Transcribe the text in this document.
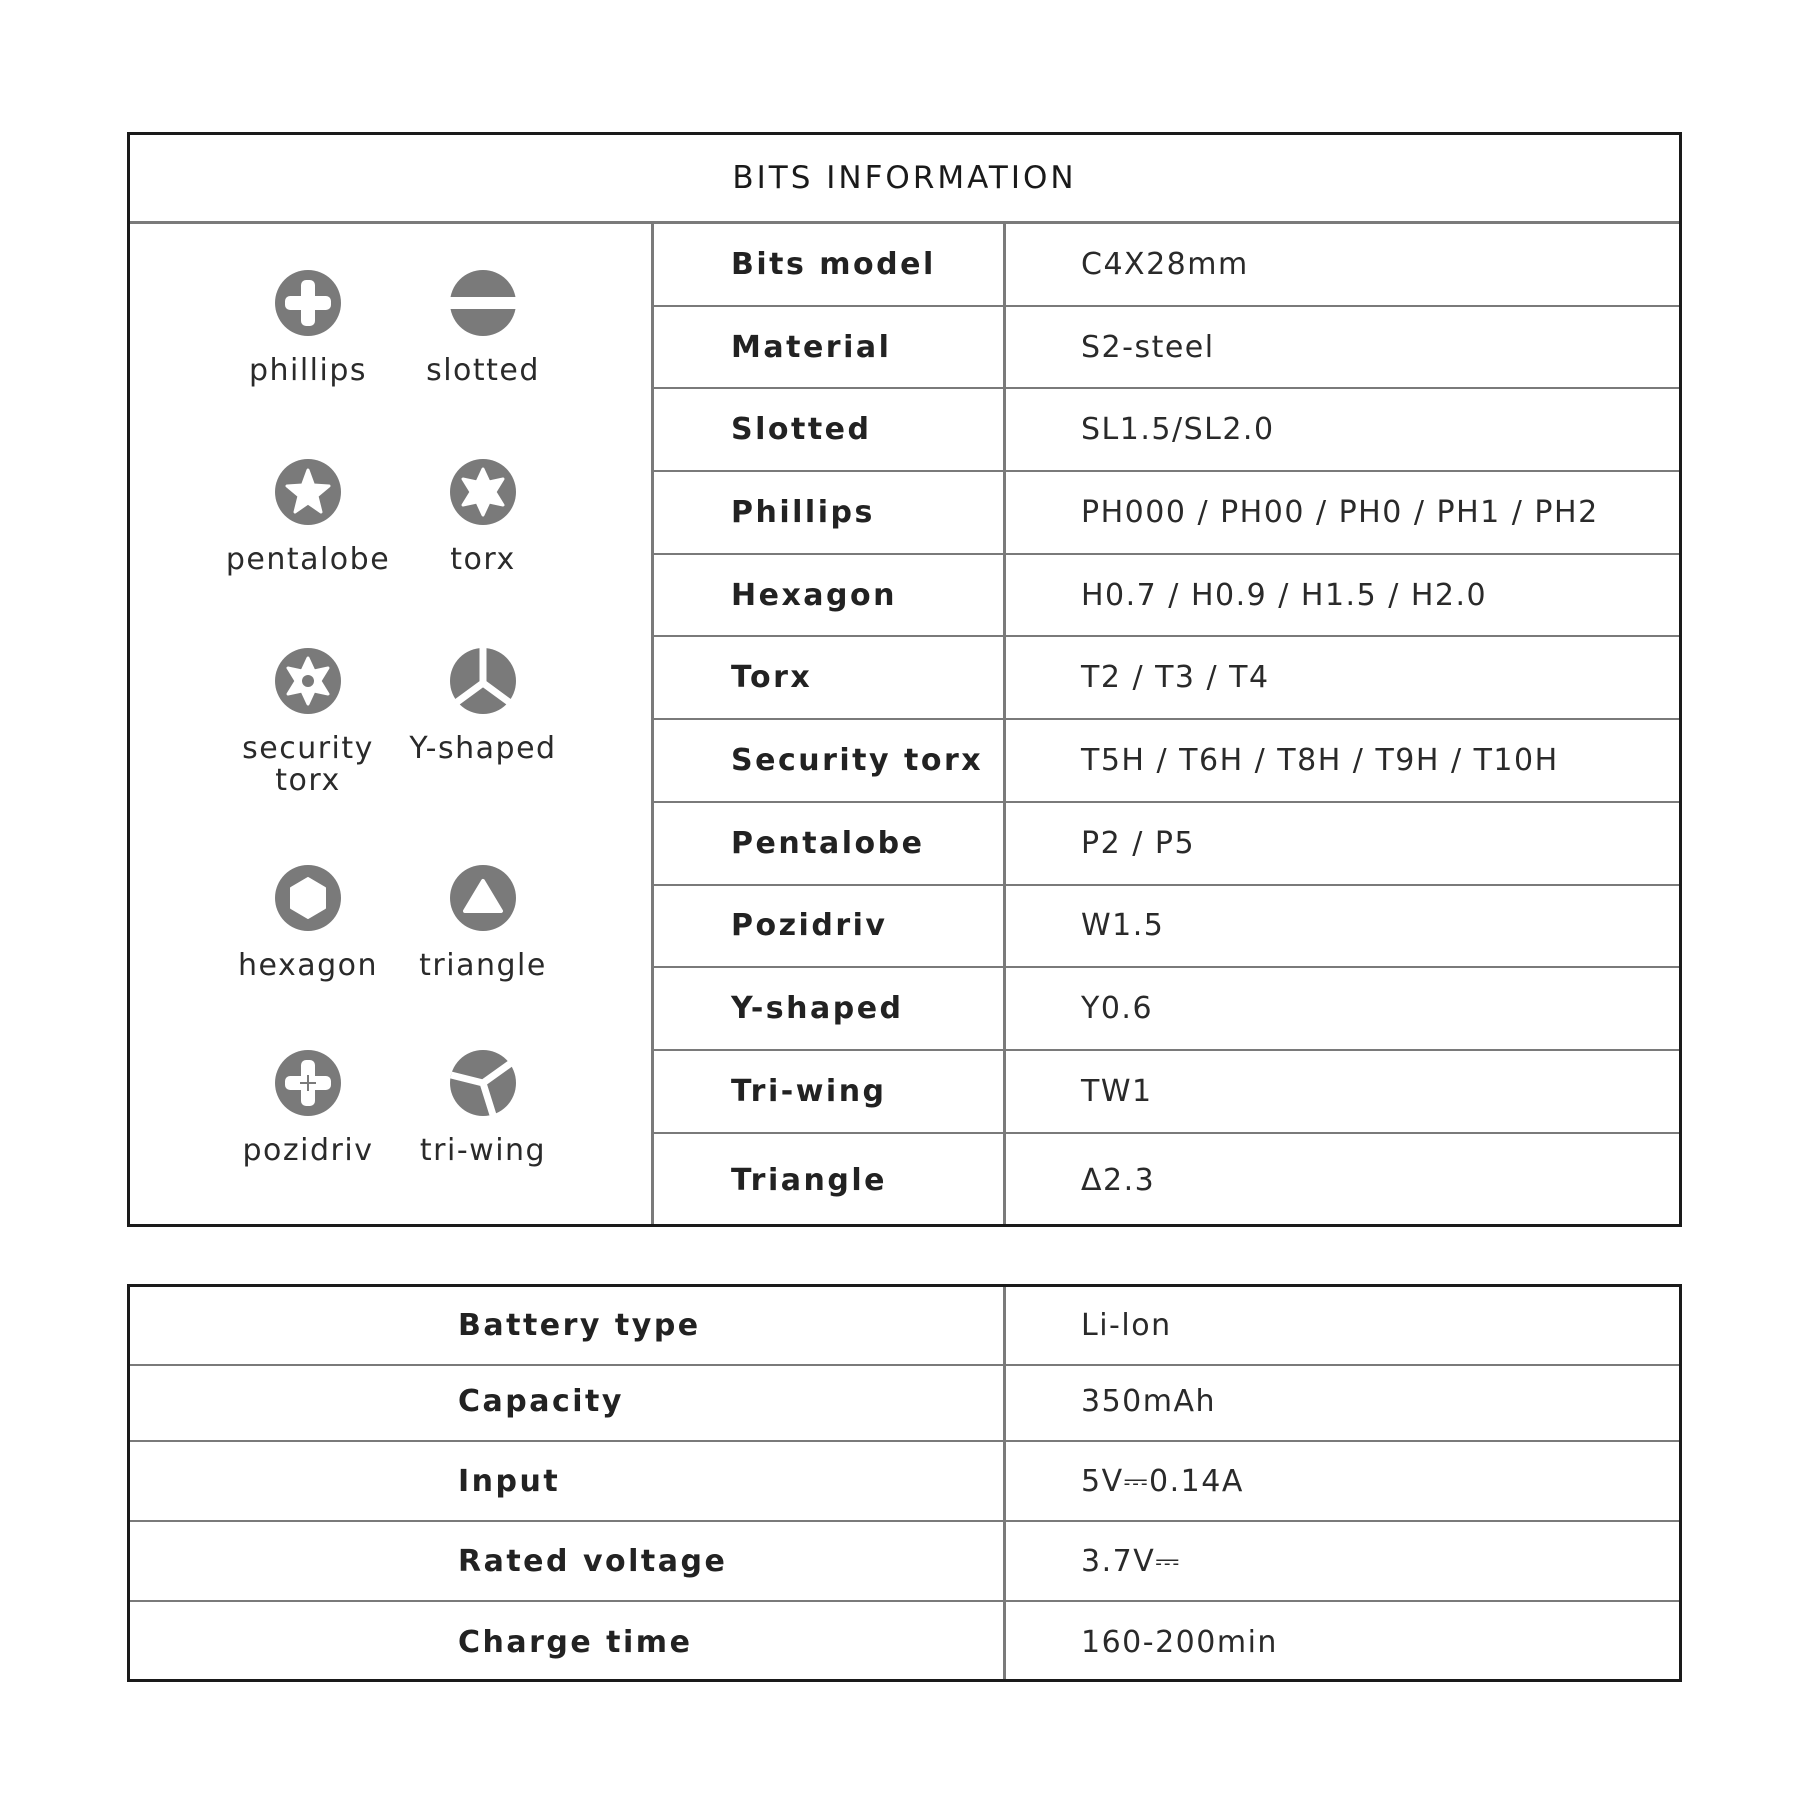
BITS INFORMATION
phillips slotted
pentalobe torx
security torx
Y-shaped
hexagon triangle
pozidriv tri-wing
Bits model	C4X28mm
Material	S2-steel
Slotted	SL1.5/SL2.0
Phillips	PH000 / PH00 / PH0 / PH1 / PH2
Hexagon	H0.7 / H0.9 / H1.5 / H2.0
Torx	T2 / T3 / T4
Security torx	T5H / T6H / T8H / T9H / T10H
Pentalobe	P2 / P5
Pozidriv	W1.5
Y-shaped	Y0.6
Tri-wing	TW1
Triangle	Δ2.3
Battery type	Li-lon
Capacity	350mAh
Input	5V⎓0.14A
Rated voltage	3.7V⎓
Charge time	160-200min
